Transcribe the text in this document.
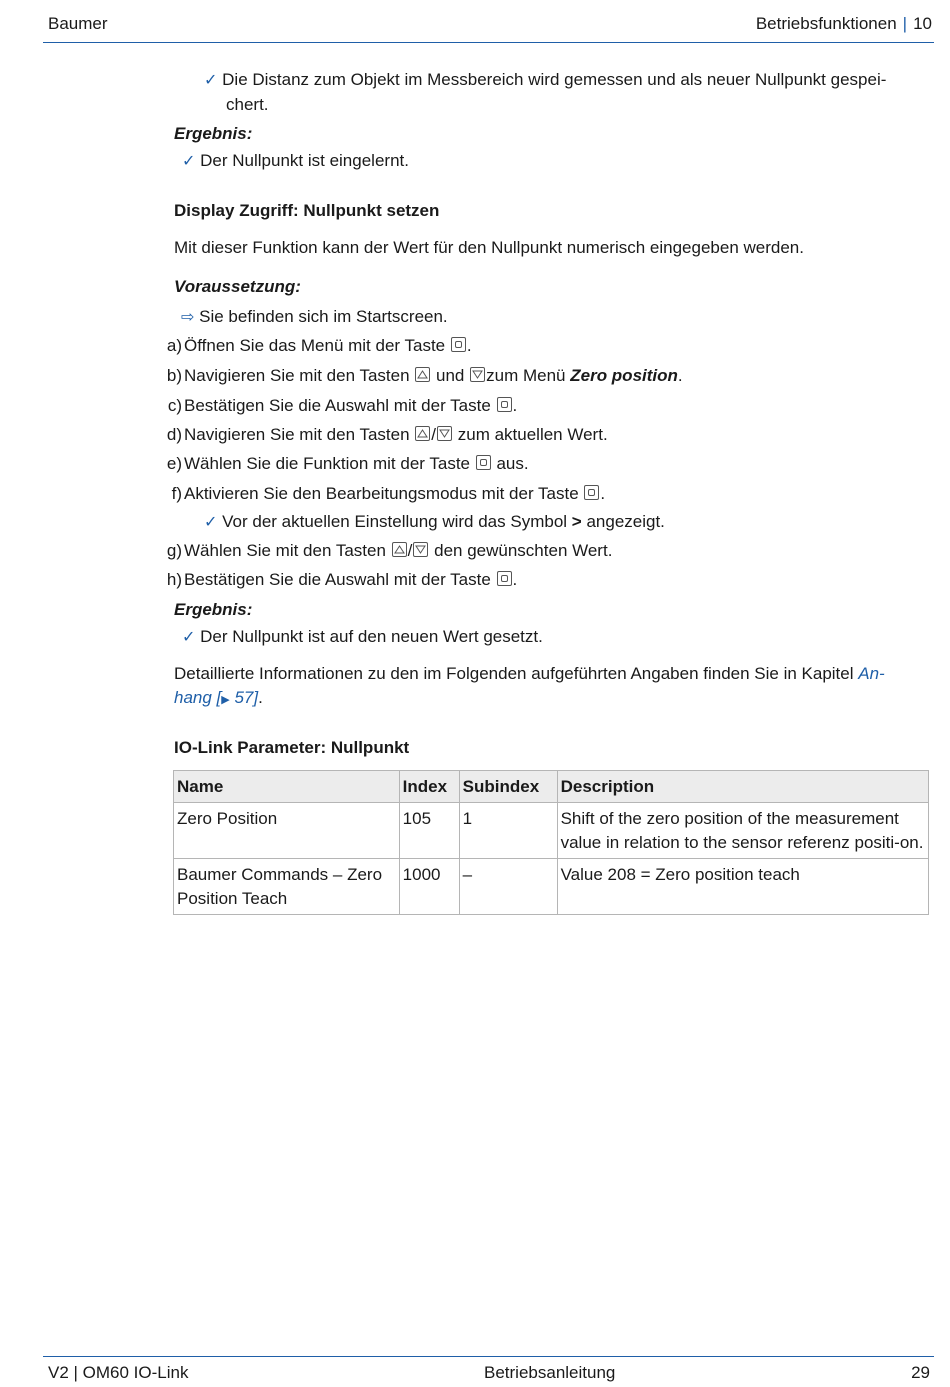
Baumer	Betriebsfunktionen | 10
✓ Die Distanz zum Objekt im Messbereich wird gemessen und als neuer Nullpunkt gespei-
chert.
Ergebnis:
✓ Der Nullpunkt ist eingelernt.
Display Zugriff: Nullpunkt setzen
Mit dieser Funktion kann der Wert für den Nullpunkt numerisch eingegeben werden.
Voraussetzung:
⇨ Sie befinden sich im Startscreen.
a) Öffnen Sie das Menü mit der Taste .
b) Navigieren Sie mit den Tasten und zum Menü Zero position.
c) Bestätigen Sie die Auswahl mit der Taste .
d) Navigieren Sie mit den Tasten / zum aktuellen Wert.
e) Wählen Sie die Funktion mit der Taste aus.
f) Aktivieren Sie den Bearbeitungsmodus mit der Taste .
✓ Vor der aktuellen Einstellung wird das Symbol > angezeigt.
g) Wählen Sie mit den Tasten / den gewünschten Wert.
h) Bestätigen Sie die Auswahl mit der Taste .
Ergebnis:
✓ Der Nullpunkt ist auf den neuen Wert gesetzt.
Detaillierte Informationen zu den im Folgenden aufgeführten Angaben finden Sie in Kapitel An-
hang [▶ 57].
IO-Link Parameter: Nullpunkt
Name	Index	Subindex	Description
Zero Position	105	1	Shift of the zero position of the measurement value in relation to the sensor referenz positi-on.
Baumer Commands – Zero Position Teach	1000	–	Value 208 = Zero position teach
V2 | OM60 IO-Link	Betriebsanleitung	29
